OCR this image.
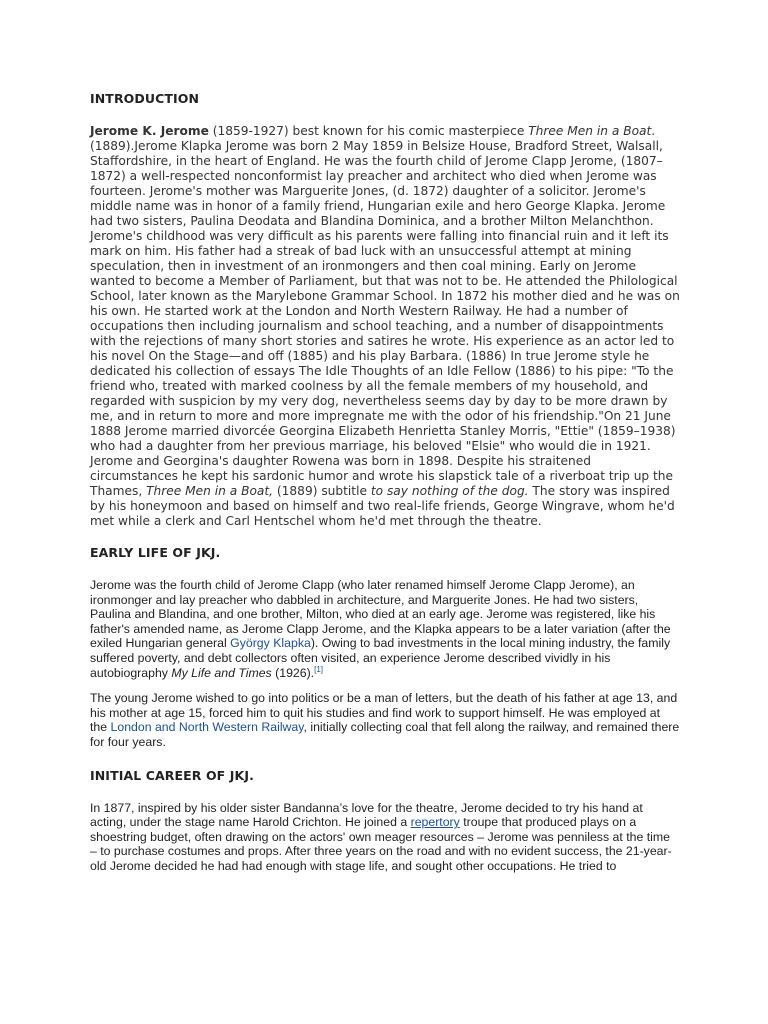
INTRODUCTION

Jerome K. Jerome (1859-1927) best known for his comic masterpiece Three Men in a Boat. (1889).Jerome Klapka Jerome was born 2 May 1859 in Belsize House, Bradford Street, Walsall, Staffordshire, in the heart of England. He was the fourth child of Jerome Clapp Jerome, (1807–1872) a well-respected nonconformist lay preacher and architect who died when Jerome was fourteen. Jerome's mother was Marguerite Jones, (d. 1872) daughter of a solicitor. Jerome's middle name was in honor of a family friend, Hungarian exile and hero George Klapka. Jerome had two sisters, Paulina Deodata and Blandina Dominica, and a brother Milton Melanchthon. Jerome's childhood was very difficult as his parents were falling into financial ruin and it left its mark on him. His father had a streak of bad luck with an unsuccessful attempt at mining speculation, then in investment of an ironmongers and then coal mining. Early on Jerome wanted to become a Member of Parliament, but that was not to be. He attended the Philological School, later known as the Marylebone Grammar School. In 1872 his mother died and he was on his own. He started work at the London and North Western Railway. He had a number of occupations then including journalism and school teaching, and a number of disappointments with the rejections of many short stories and satires he wrote. His experience as an actor led to his novel On the Stage—and off (1885) and his play Barbara. (1886) In true Jerome style he dedicated his collection of essays The Idle Thoughts of an Idle Fellow (1886) to his pipe: "To the friend who, treated with marked coolness by all the female members of my household, and regarded with suspicion by my very dog, nevertheless seems day by day to be more drawn by me, and in return to more and more impregnate me with the odor of his friendship."On 21 June 1888 Jerome married divorcée Georgina Elizabeth Henrietta Stanley Morris, "Ettie" (1859–1938) who had a daughter from her previous marriage, his beloved "Elsie" who would die in 1921. Jerome and Georgina's daughter Rowena was born in 1898. Despite his straitened circumstances he kept his sardonic humor and wrote his slapstick tale of a riverboat trip up the Thames, Three Men in a Boat, (1889) subtitle to say nothing of the dog. The story was inspired by his honeymoon and based on himself and two real-life friends, George Wingrave, whom he'd met while a clerk and Carl Hentschel whom he'd met through the theatre.

EARLY LIFE OF JKJ.

Jerome was the fourth child of Jerome Clapp (who later renamed himself Jerome Clapp Jerome), an ironmonger and lay preacher who dabbled in architecture, and Marguerite Jones. He had two sisters, Paulina and Blandina, and one brother, Milton, who died at an early age. Jerome was registered, like his father's amended name, as Jerome Clapp Jerome, and the Klapka appears to be a later variation (after the exiled Hungarian general György Klapka). Owing to bad investments in the local mining industry, the family suffered poverty, and debt collectors often visited, an experience Jerome described vividly in his autobiography My Life and Times (1926).[1]

The young Jerome wished to go into politics or be a man of letters, but the death of his father at age 13, and his mother at age 15, forced him to quit his studies and find work to support himself. He was employed at the London and North Western Railway, initially collecting coal that fell along the railway, and remained there for four years.

INITIAL CAREER OF JKJ.

In 1877, inspired by his older sister Bandanna’s love for the theatre, Jerome decided to try his hand at acting, under the stage name Harold Crichton. He joined a repertory troupe that produced plays on a shoestring budget, often drawing on the actors' own meager resources – Jerome was penniless at the time – to purchase costumes and props. After three years on the road and with no evident success, the 21-year-old Jerome decided he had had enough with stage life, and sought other occupations. He tried to
